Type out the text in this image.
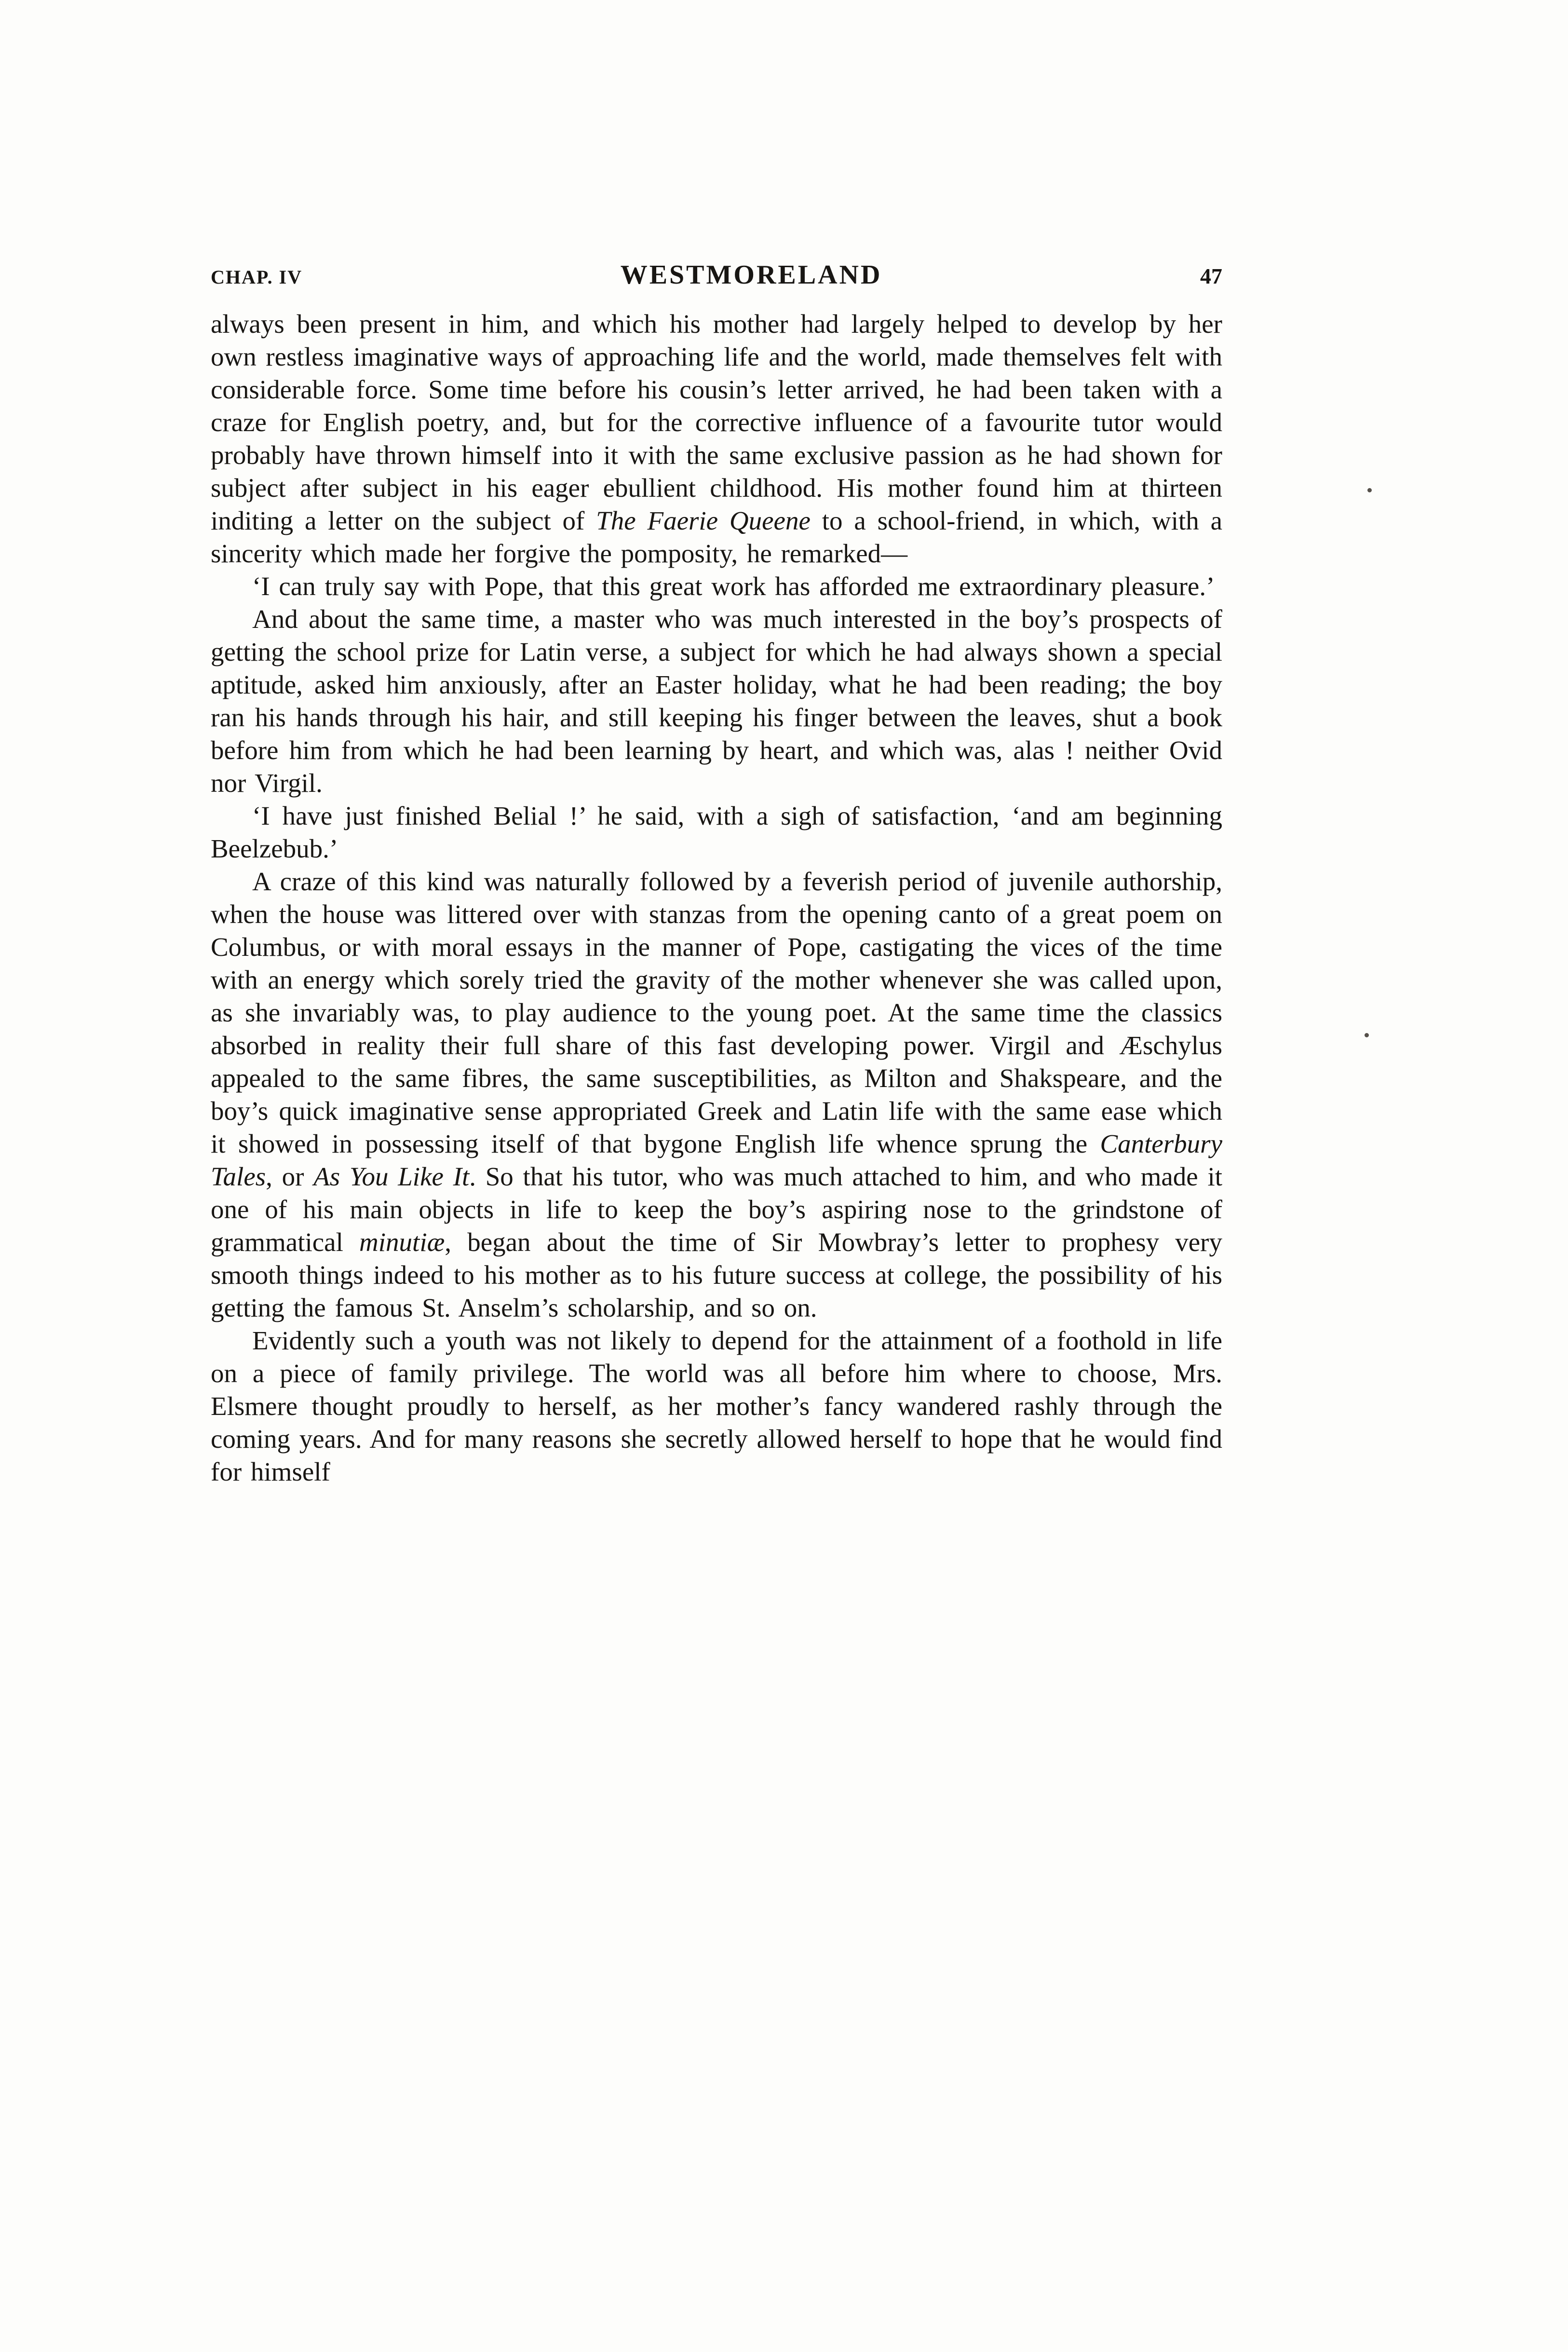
CHAP. IV	WESTMORELAND	47

always been present in him, and which his mother had largely helped to develop by her own restless imaginative ways of approaching life and the world, made themselves felt with considerable force. Some time before his cousin’s letter arrived, he had been taken with a craze for English poetry, and, but for the corrective influence of a favourite tutor would probably have thrown himself into it with the same exclusive passion as he had shown for subject after subject in his eager ebullient childhood. His mother found him at thirteen inditing a letter on the subject of The Faerie Queene to a school-friend, in which, with a sincerity which made her forgive the pomposity, he remarked—

‘I can truly say with Pope, that this great work has afforded me extraordinary pleasure.’

And about the same time, a master who was much interested in the boy’s prospects of getting the school prize for Latin verse, a subject for which he had always shown a special aptitude, asked him anxiously, after an Easter holiday, what he had been reading; the boy ran his hands through his hair, and still keeping his finger between the leaves, shut a book before him from which he had been learning by heart, and which was, alas ! neither Ovid nor Virgil.

‘I have just finished Belial !’ he said, with a sigh of satisfaction, ‘and am beginning Beelzebub.’

A craze of this kind was naturally followed by a feverish period of juvenile authorship, when the house was littered over with stanzas from the opening canto of a great poem on Columbus, or with moral essays in the manner of Pope, castigating the vices of the time with an energy which sorely tried the gravity of the mother whenever she was called upon, as she invariably was, to play audience to the young poet. At the same time the classics absorbed in reality their full share of this fast developing power. Virgil and Æschylus appealed to the same fibres, the same susceptibilities, as Milton and Shakspeare, and the boy’s quick imaginative sense appropriated Greek and Latin life with the same ease which it showed in possessing itself of that bygone English life whence sprung the Canterbury Tales, or As You Like It. So that his tutor, who was much attached to him, and who made it one of his main objects in life to keep the boy’s aspiring nose to the grindstone of grammatical minutiæ, began about the time of Sir Mowbray’s letter to prophesy very smooth things indeed to his mother as to his future success at college, the possibility of his getting the famous St. Anselm’s scholarship, and so on.

Evidently such a youth was not likely to depend for the attainment of a foothold in life on a piece of family privilege. The world was all before him where to choose, Mrs. Elsmere thought proudly to herself, as her mother’s fancy wandered rashly through the coming years. And for many reasons she secretly allowed herself to hope that he would find for himself
